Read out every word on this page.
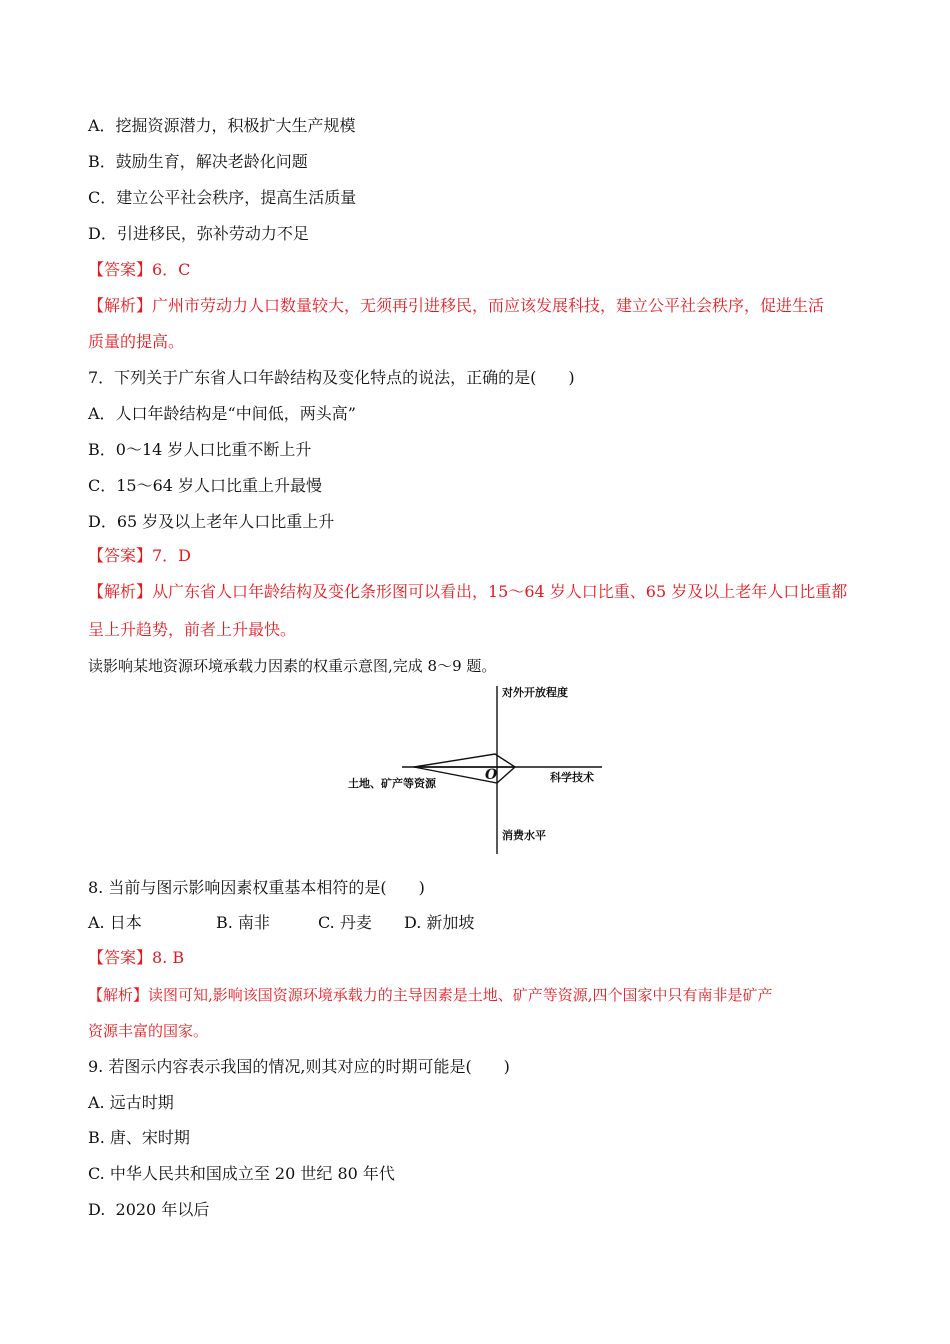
A．挖掘资源潜力，积极扩大生产规模
B．鼓励生育，解决老龄化问题
C．建立公平社会秩序，提高生活质量
D．引进移民，弥补劳动力不足
【答案】6．C
【解析】广州市劳动力人口数量较大，无须再引进移民，而应该发展科技，建立公平社会秩序，促进生活
质量的提高。
7．下列关于广东省人口年龄结构及变化特点的说法，正确的是(　　)
A．人口年龄结构是“中间低，两头高”
B．0～14 岁人口比重不断上升
C．15～64 岁人口比重上升最慢
D．65 岁及以上老年人口比重上升
【答案】7．D
【解析】从广东省人口年龄结构及变化条形图可以看出，15～64 岁人口比重、65 岁及以上老年人口比重都
呈上升趋势，前者上升最快。
读影响某地资源环境承载力因素的权重示意图,完成 8～9 题。
对外开放程度
科学技术
土地、矿产等资源
消费水平
O
8. 当前与图示影响因素权重基本相符的是(　　)
A. 日本	B. 南非	C. 丹麦 D. 新加坡
【答案】8. B
【解析】读图可知,影响该国资源环境承载力的主导因素是土地、矿产等资源,四个国家中只有南非是矿产
资源丰富的国家。
9. 若图示内容表示我国的情况,则其对应的时期可能是(　　)
A. 远古时期
B. 唐、宋时期
C. 中华人民共和国成立至 20 世纪 80 年代
D.  2020 年以后
